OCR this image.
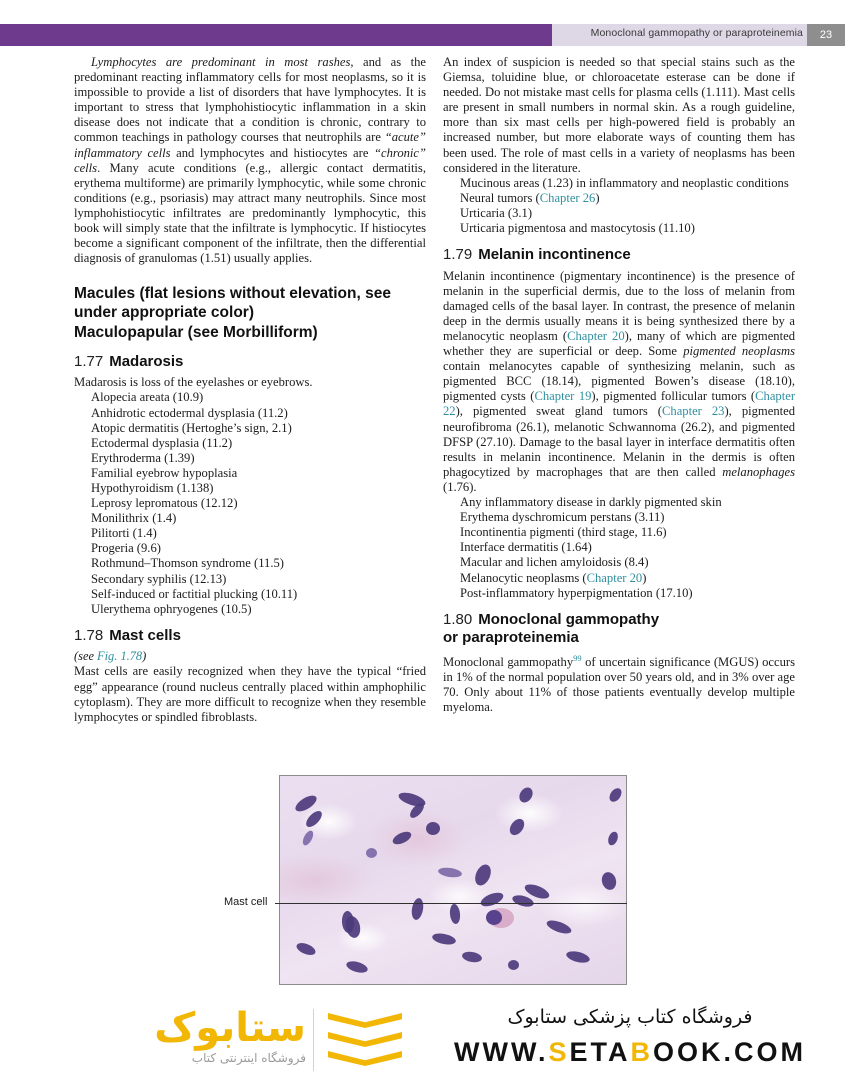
Monoclonal gammopathy or paraproteinemia	23

Lymphocytes are predominant in most rashes, and as the predominant reacting inflammatory cells for most neoplasms, so it is impossible to provide a list of disorders that have lymphocytes. It is important to stress that lymphohistiocytic inflammation in a skin disease does not indicate that a condition is chronic, contrary to common teachings in pathology courses that neutrophils are “acute” inflammatory cells and lymphocytes and histiocytes are “chronic” cells. Many acute conditions (e.g., allergic contact dermatitis, erythema multiforme) are primarily lymphocytic, while some chronic conditions (e.g., psoriasis) may attract many neutrophils. Since most lymphohistiocytic infiltrates are predominantly lymphocytic, this book will simply state that the infiltrate is lymphocytic. If histiocytes become a significant component of the infiltrate, then the differential diagnosis of granulomas (1.51) usually applies.

Macules (flat lesions without elevation, see under appropriate color)
Maculopapular (see Morbilliform)
1.77 Madarosis

Madarosis is loss of the eyelashes or eyebrows.

Alopecia areata (10.9)
Anhidrotic ectodermal dysplasia (11.2)
Atopic dermatitis (Hertoghe’s sign, 2.1)
Ectodermal dysplasia (11.2)
Erythroderma (1.39)
Familial eyebrow hypoplasia
Hypothyroidism (1.138)
Leprosy lepromatous (12.12)
Monilithrix (1.4)
Pilitorti (1.4)
Progeria (9.6)
Rothmund–Thomson syndrome (11.5)
Secondary syphilis (12.13)
Self-induced or factitial plucking (10.11)
Ulerythema ophryogenes (10.5)
1.78 Mast cells

(see Fig. 1.78)

Mast cells are easily recognized when they have the typical “fried egg” appearance (round nucleus centrally placed within amphophilic cytoplasm). They are more difficult to recognize when they resemble lymphocytes or spindled fibroblasts.

An index of suspicion is needed so that special stains such as the Giemsa, toluidine blue, or chloroacetate esterase can be done if needed. Do not mistake mast cells for plasma cells (1.111). Mast cells are present in small numbers in normal skin. As a rough guideline, more than six mast cells per high-powered field is probably an increased number, but more elaborate ways of counting them has been used. The role of mast cells in a variety of neoplasms has been considered in the literature.

Mucinous areas (1.23) in inflammatory and neoplastic conditions
Neural tumors (Chapter 26)
Urticaria (3.1)
Urticaria pigmentosa and mastocytosis (11.10)
1.79 Melanin incontinence

Melanin incontinence (pigmentary incontinence) is the presence of melanin in the superficial dermis, due to the loss of melanin from damaged cells of the basal layer. In contrast, the presence of melanin deep in the dermis usually means it is being synthesized there by a melanocytic neoplasm (Chapter 20), many of which are pigmented whether they are superficial or deep. Some pigmented neoplasms contain melanocytes capable of synthesizing melanin, such as pigmented BCC (18.14), pigmented Bowen’s disease (18.10), pigmented cysts (Chapter 19), pigmented follicular tumors (Chapter 22), pigmented sweat gland tumors (Chapter 23), pigmented neurofibroma (26.1), melanotic Schwannoma (26.2), and pigmented DFSP (27.10). Damage to the basal layer in interface dermatitis often results in melanin incontinence. Melanin in the dermis is often phagocytized by macrophages that are then called melanophages (1.76).

Any inflammatory disease in darkly pigmented skin
Erythema dyschromicum perstans (3.11)
Incontinentia pigmenti (third stage, 11.6)
Interface dermatitis (1.64)
Macular and lichen amyloidosis (8.4)
Melanocytic neoplasms (Chapter 20)
Post-inflammatory hyperpigmentation (17.10)
1.80 Monoclonal gammopathy
or paraproteinemia

Monoclonal gammopathy$^{99}$ of uncertain significance (MGUS) occurs in 1% of the normal population over 50 years old, and in 3% over age 70. Only about 11% of those patients eventually develop multiple myeloma.

Mast cell
ستابوک
فروشگاه اینترنتی کتاب
فروشگاه کتاب پزشکی ستابوک
WWW.SETABOOK.COM
